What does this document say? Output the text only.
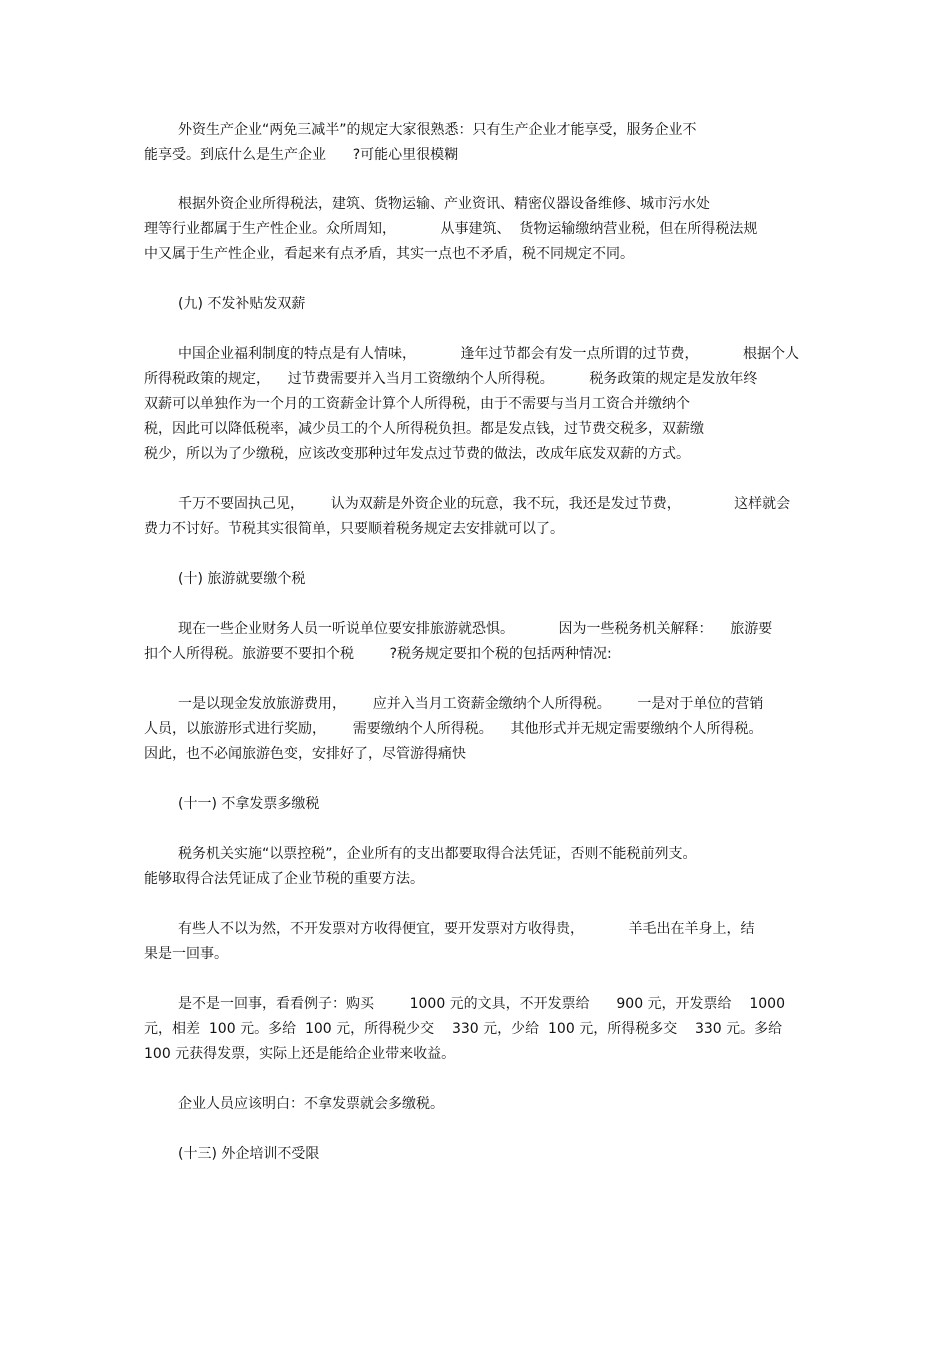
外资生产企业“两免三减半”的规定大家很熟悉：只有生产企业才能享受，服务企业不

能享受。到底什么是生产企业      ?可能心里很模糊

根据外资企业所得税法，建筑、货物运输、产业资讯、精密仪器设备维修、城市污水处

理等行业都属于生产性企业。众所周知，          从事建筑、  货物运输缴纳营业税，但在所得税法规

中又属于生产性企业，看起来有点矛盾，其实一点也不矛盾，税不同规定不同。

(九) 不发补贴发双薪

中国企业福利制度的特点是有人情味，          逢年过节都会有发一点所谓的过节费，          根据个人

所得税政策的规定，    过节费需要并入当月工资缴纳个人所得税。        税务政策的规定是发放年终

双薪可以单独作为一个月的工资薪金计算个人所得税，由于不需要与当月工资合并缴纳个

税，因此可以降低税率，减少员工的个人所得税负担。都是发点钱，过节费交税多，双薪缴

税少，所以为了少缴税，应该改变那种过年发点过节费的做法，改成年底发双薪的方式。

千万不要固执己见，      认为双薪是外资企业的玩意，我不玩，我还是发过节费，            这样就会

费力不讨好。节税其实很简单，只要顺着税务规定去安排就可以了。

(十) 旅游就要缴个税

现在一些企业财务人员一听说单位要安排旅游就恐惧。          因为一些税务机关解释：    旅游要

扣个人所得税。旅游要不要扣个税        ?税务规定要扣个税的包括两种情况:

一是以现金发放旅游费用，      应并入当月工资薪金缴纳个人所得税。      一是对于单位的营销

人员，以旅游形式进行奖励，      需要缴纳个人所得税。    其他形式并无规定需要缴纳个人所得税。

因此，也不必闻旅游色变，安排好了，尽管游得痛快

(十一) 不拿发票多缴税

税务机关实施“以票控税”，企业所有的支出都要取得合法凭证，否则不能税前列支。

能够取得合法凭证成了企业节税的重要方法。

有些人不以为然，不开发票对方收得便宜，要开发票对方收得贵，          羊毛出在羊身上，结

果是一回事。

是不是一回事，看看例子：购买        1000 元的文具，不开发票给      900 元，开发票给    1000

元，相差  100 元。多给  100 元，所得税少交    330 元，少给  100 元，所得税多交    330 元。多给

100 元获得发票，实际上还是能给企业带来收益。

企业人员应该明白：不拿发票就会多缴税。

(十三) 外企培训不受限
